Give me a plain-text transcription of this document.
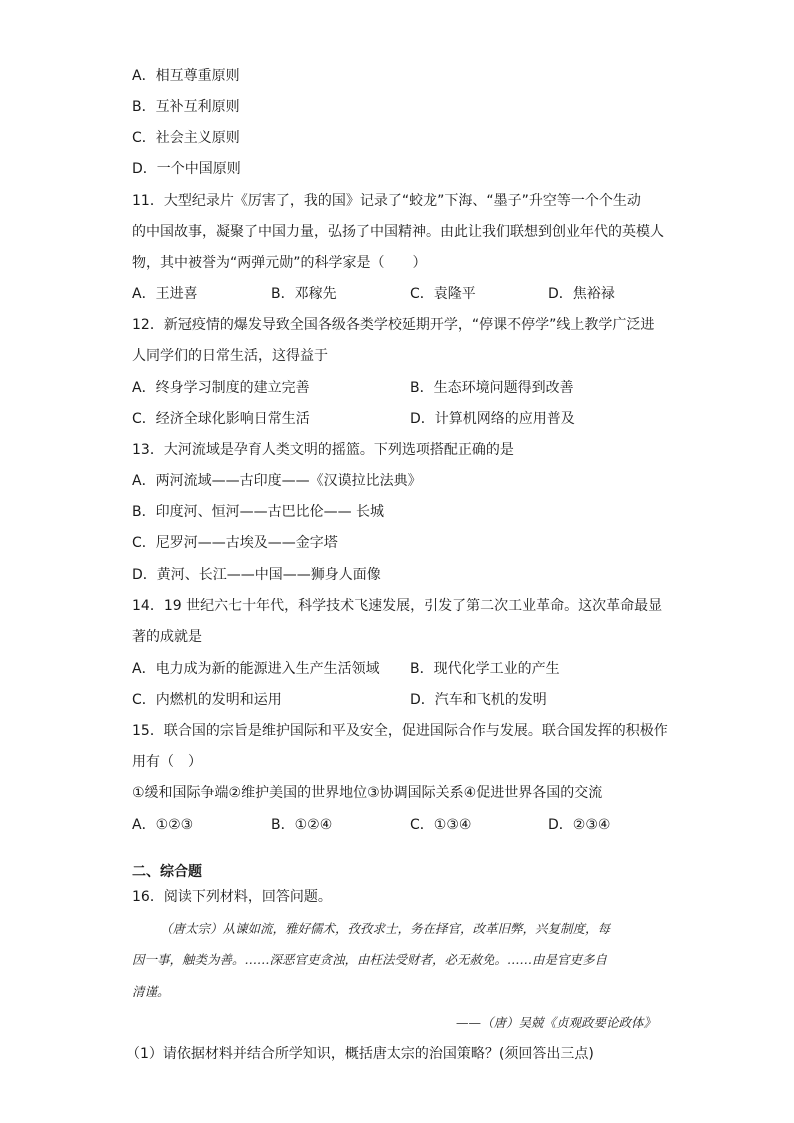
A．相互尊重原则
B．互补互利原则
C．社会主义原则
D．一个中国原则
11．大型纪录片《厉害了，我的国》记录了“蛟龙”下海、“墨子”升空等一个个生动
的中国故事，凝聚了中国力量，弘扬了中国精神。由此让我们联想到创业年代的英模人
物，其中被誉为“两弹元勋”的科学家是（　　）
A．王进喜	B．邓稼先	C．袁隆平	D．焦裕禄
12．新冠疫情的爆发导致全国各级各类学校延期开学，“停课不停学”线上教学广泛进
人同学们的日常生活，这得益于
A．终身学习制度的建立完善	B．生态环境问题得到改善
C．经济全球化影响日常生活	D．计算机网络的应用普及
13．大河流域是孕育人类文明的摇篮。下列选项搭配正确的是
A．两河流域——古印度——《汉谟拉比法典》
B．印度河、恒河——古巴比伦—— 长城
C．尼罗河——古埃及——金字塔
D．黄河、长江——中国——狮身人面像
14．19 世纪六七十年代，科学技术飞速发展，引发了第二次工业革命。这次革命最显
著的成就是
A．电力成为新的能源进入生产生活领域 B．现代化学工业的产生
C．内燃机的发明和运用	D．汽车和飞机的发明
15．联合国的宗旨是维护国际和平及安全，促进国际合作与发展。联合国发挥的积极作
用有（　）
①缓和国际争端②维护美国的世界地位③协调国际关系④促进世界各国的交流
A．①②③	B．①②④	C．①③④	D．②③④
二、综合题
16．阅读下列材料，回答问题。
（唐太宗）从谏如流，雅好儒术，孜孜求士，务在择官，改革旧弊，兴复制度，每
因一事，触类为善。……深恶官吏贪浊，由枉法受财者，必无赦免。……由是官吏多自
清谨。
——（唐）吴兢《贞观政要论政体》
（1）请依据材料并结合所学知识，概括唐太宗的治国策略？(须回答出三点)
